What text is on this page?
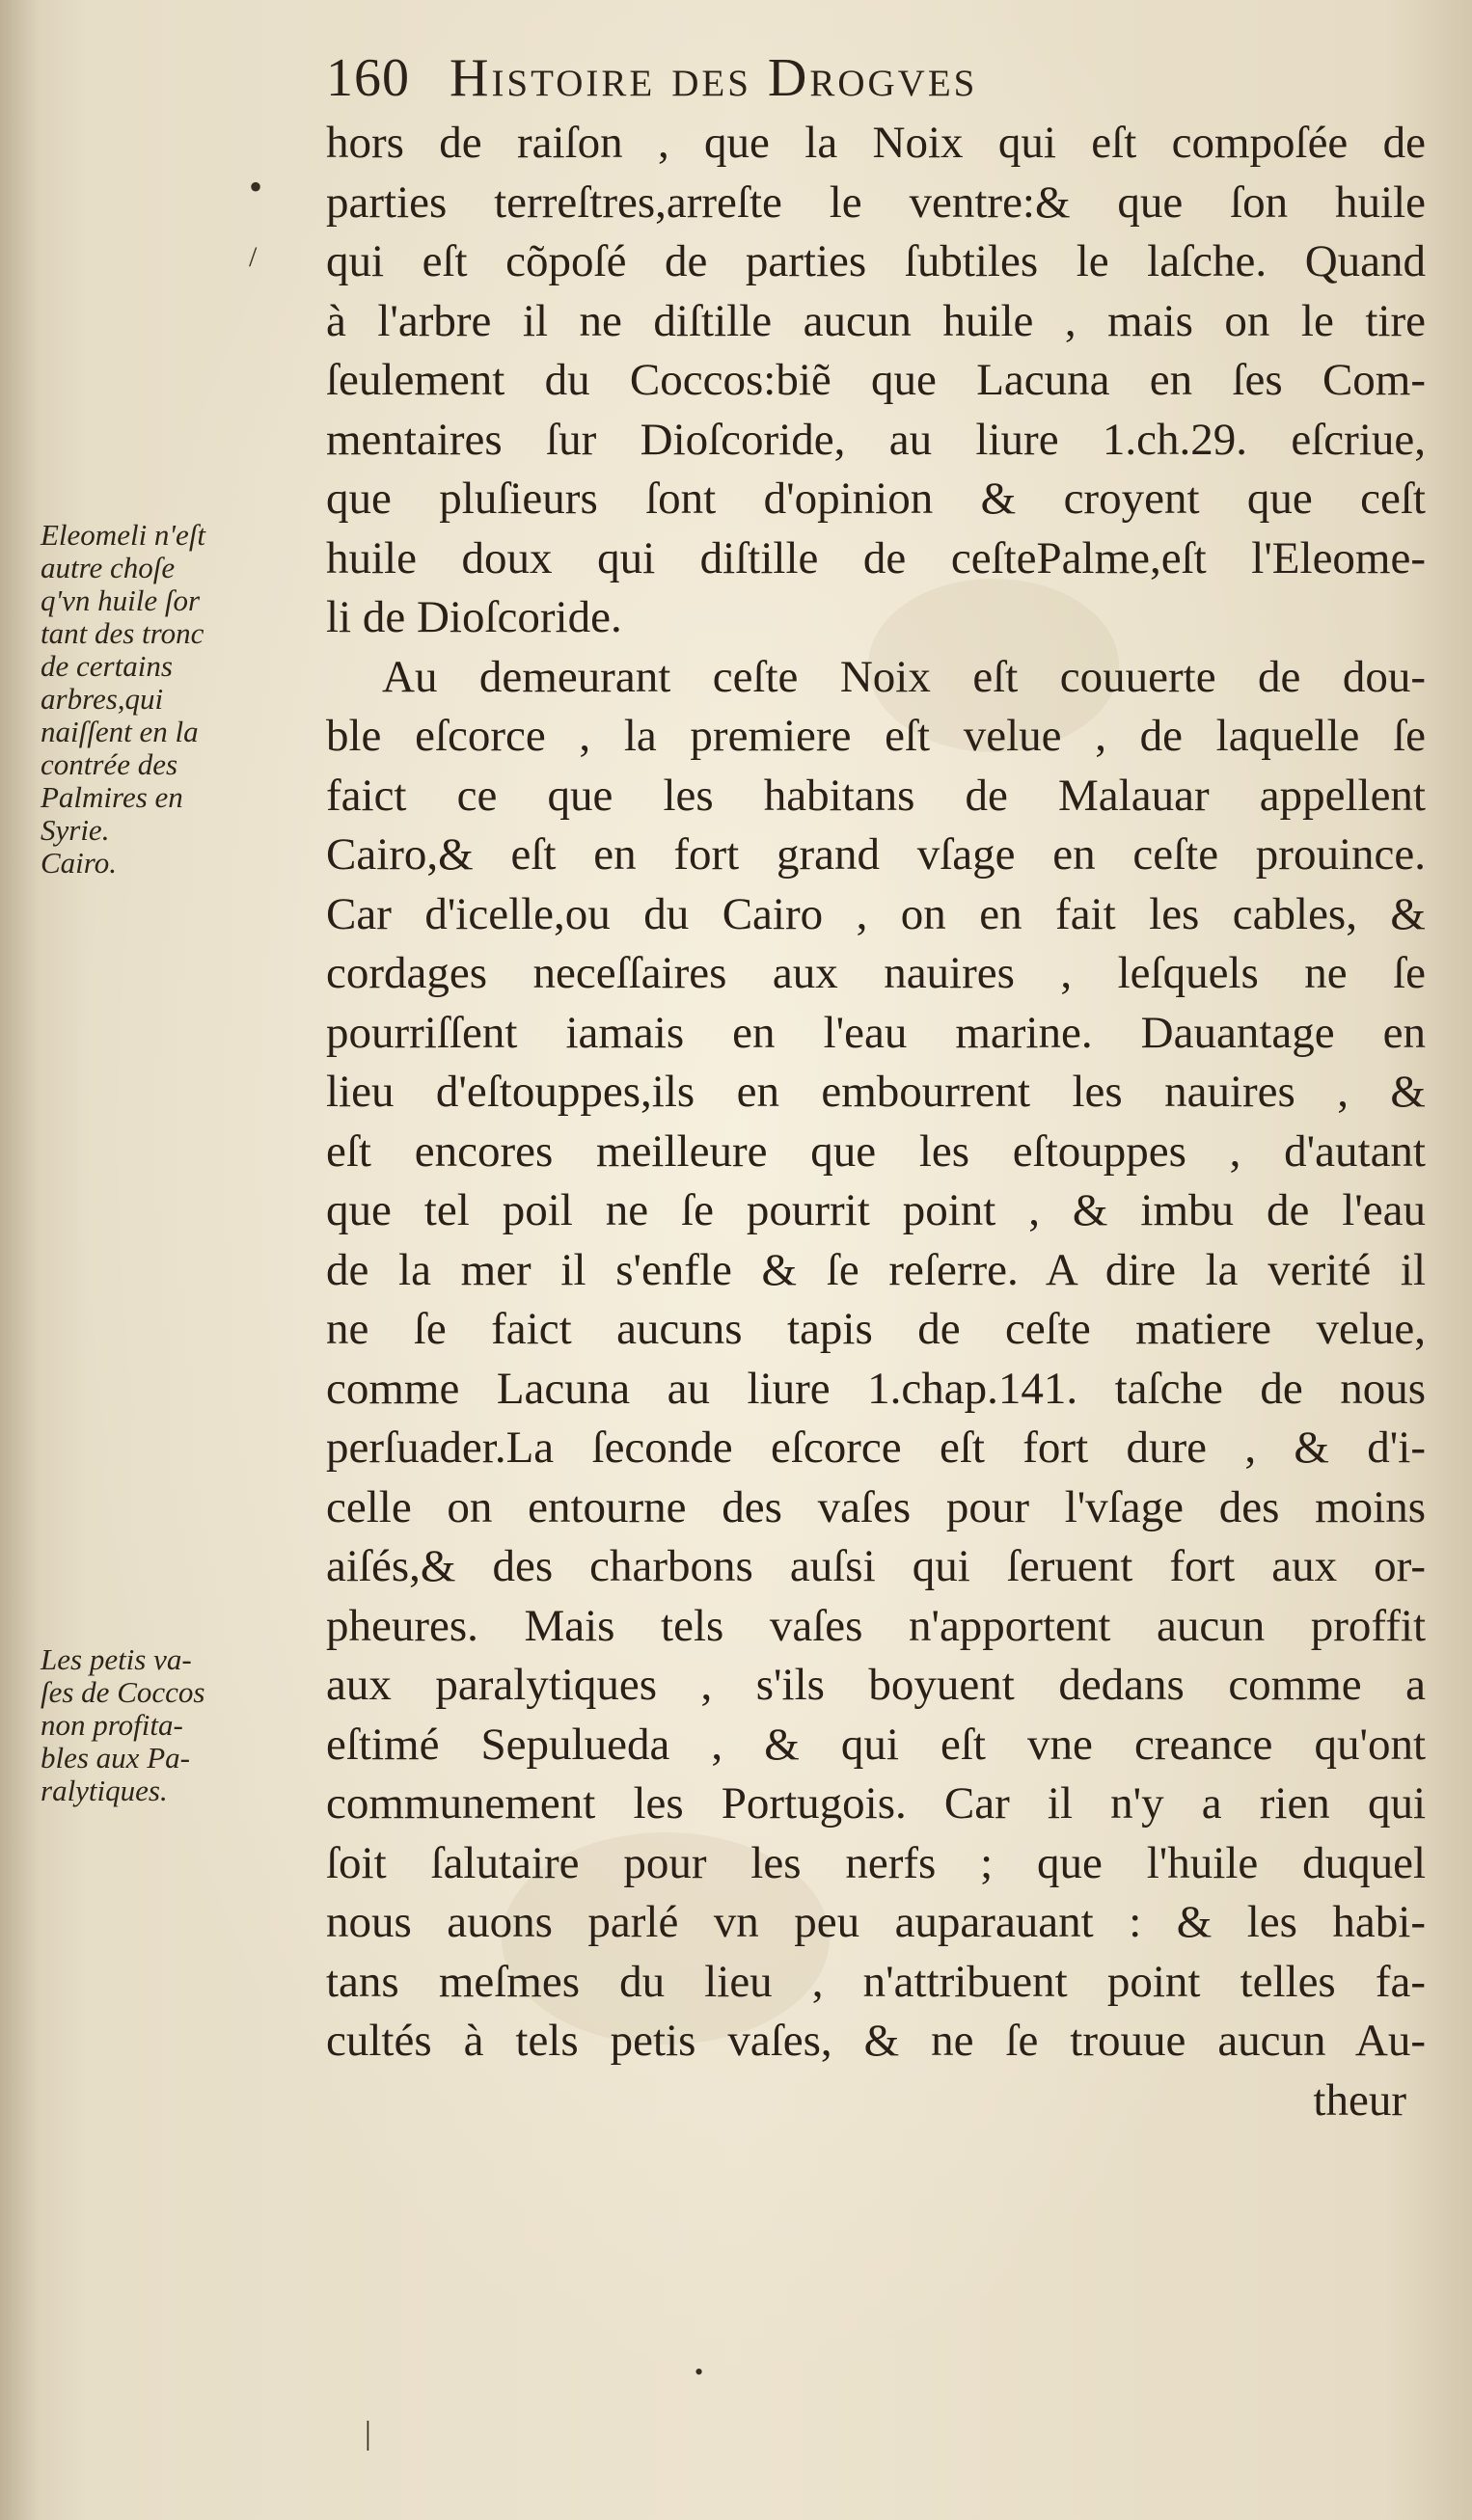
160 Histoire des Drogves
•
/
hors de raiſon , que la Noix qui eſt compoſée de
parties terreſtres,arreſte le ventre:& que ſon huile
qui eſt cõpoſé de parties ſubtiles le laſche. Quand
à l'arbre il ne diſtille aucun huile , mais on le tire
ſeulement du Coccos:biẽ que Lacuna en ſes Com-
mentaires ſur Dioſcoride, au liure 1.ch.29. eſcriue,
que pluſieurs ſont d'opinion & croyent que ceſt
huile doux qui diſtille de ceſtePalme,eſt l'Eleome-
li de Dioſcoride.
Au demeurant ceſte Noix eſt couuerte de dou-
ble eſcorce , la premiere eſt velue , de laquelle ſe
faict ce que les habitans de Malauar appellent
Cairo,& eſt en fort grand vſage en ceſte prouince.
Car d'icelle,ou du Cairo , on en fait les cables, &
cordages neceſſaires aux nauires , leſquels ne ſe
pourriſſent iamais en l'eau marine. Dauantage en
lieu d'eſtouppes,ils en embourrent les nauires , &
eſt encores meilleure que les eſtouppes , d'autant
que tel poil ne ſe pourrit point , & imbu de l'eau
de la mer il s'enfle & ſe reſerre. A dire la verité il
ne ſe faict aucuns tapis de ceſte matiere velue,
comme Lacuna au liure 1.chap.141. taſche de nous
perſuader.La ſeconde eſcorce eſt fort dure , & d'i-
celle on entourne des vaſes pour l'vſage des moins
aiſés,& des charbons auſsi qui ſeruent fort aux or-
pheures. Mais tels vaſes n'apportent aucun proffit
aux paralytiques , s'ils boyuent dedans comme a
eſtimé Sepulueda , & qui eſt vne creance qu'ont
communement les Portugois. Car il n'y a rien qui
ſoit ſalutaire pour les nerfs ; que l'huile duquel
nous auons parlé vn peu auparauant : & les habi-
tans meſmes du lieu , n'attribuent point telles fa-
cultés à tels petis vaſes, & ne ſe trouue aucun Au-
theur
Eleomeli n'eſt
autre choſe
q'vn huile ſor
tant des tronc
de certains
arbres,qui
naiſſent en la
contrée des
Palmires en
Syrie.
Cairo.
Les petis va-
ſes de Coccos
non profita-
bles aux Pa-
ralytiques.
•
|
